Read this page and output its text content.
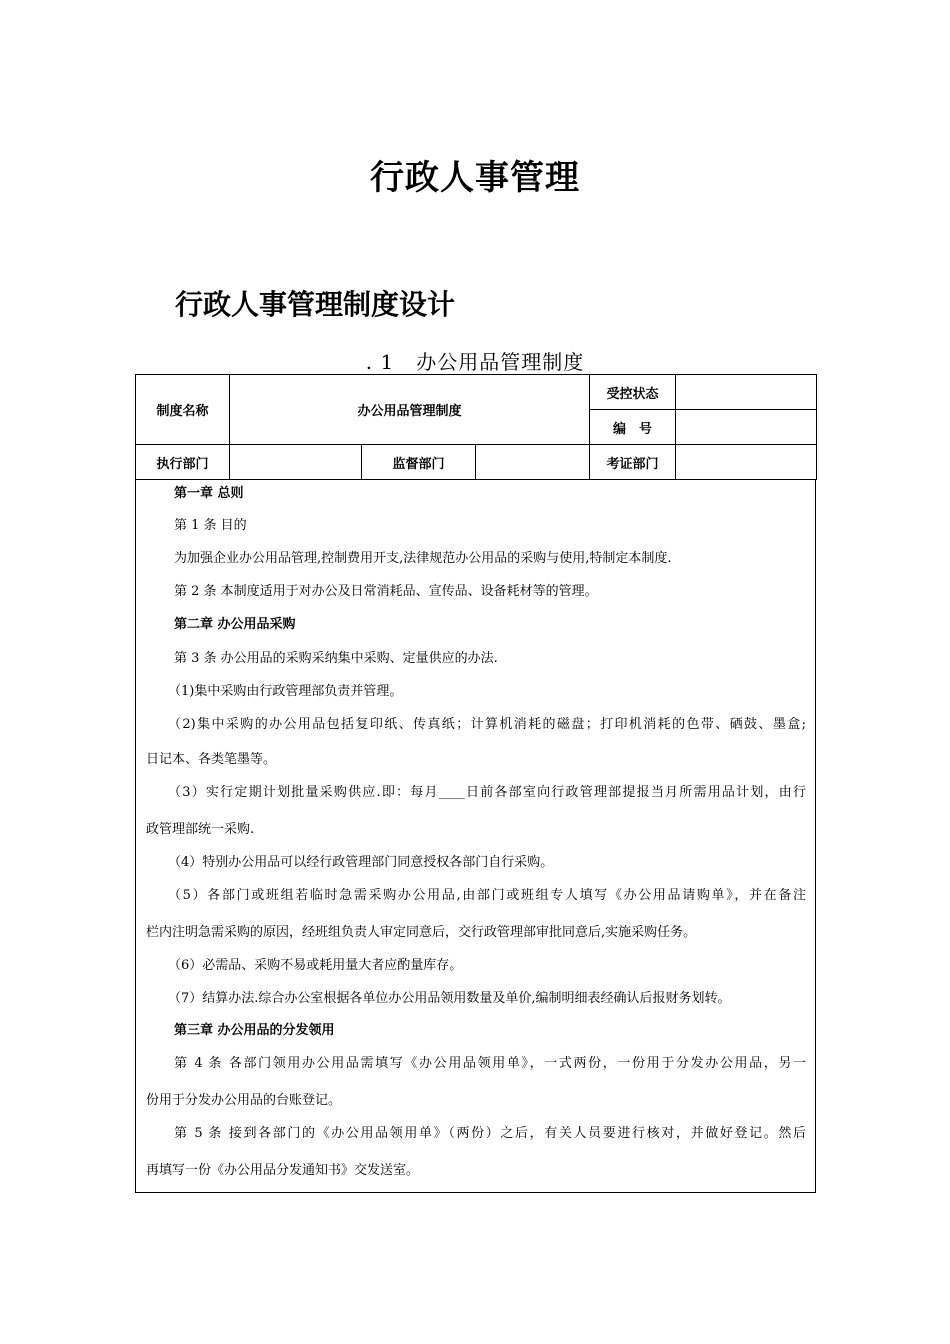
行政人事管理
行政人事管理制度设计
. 1 办公用品管理制度
制度名称	办公用品管理制度			受控状态	
				编　号	
执行部门		监督部门		考证部门	

第一章 总则

第 1 条 目的

为加强企业办公用品管理,控制费用开支,法律规范办公用品的采购与使用,特制定本制度.

第 2 条 本制度适用于对办公及日常消耗品、宣传品、设备耗材等的管理。

第二章 办公用品采购

第 3 条 办公用品的采购采纳集中采购、定量供应的办法.

（1)集中采购由行政管理部负责并管理。

（2)集中采购的办公用品包括复印纸、传真纸；计算机消耗的磁盘；打印机消耗的色带、硒鼓、墨盒;

日记本、各类笔墨等。

（3）实行定期计划批量采购供应.即：每月____日前各部室向行政管理部提报当月所需用品计划，由行

政管理部统一采购.

（4）特别办公用品可以经行政管理部门同意授权各部门自行采购。

（5）各部门或班组若临时急需采购办公用品,由部门或班组专人填写《办公用品请购单》，并在备注

栏内注明急需采购的原因，经班组负责人审定同意后，交行政管理部审批同意后,实施采购任务。

（6）必需品、采购不易或耗用量大者应酌量库存。

（7）结算办法.综合办公室根据各单位办公用品领用数量及单价,编制明细表经确认后报财务划转。

第三章 办公用品的分发领用

第 4 条 各部门领用办公用品需填写《办公用品领用单》，一式两份，一份用于分发办公用品，另一

份用于分发办公用品的台账登记。

第 5 条 接到各部门的《办公用品领用单》（两份）之后，有关人员要进行核对，并做好登记。然后

再填写一份《办公用品分发通知书》交发送室。
